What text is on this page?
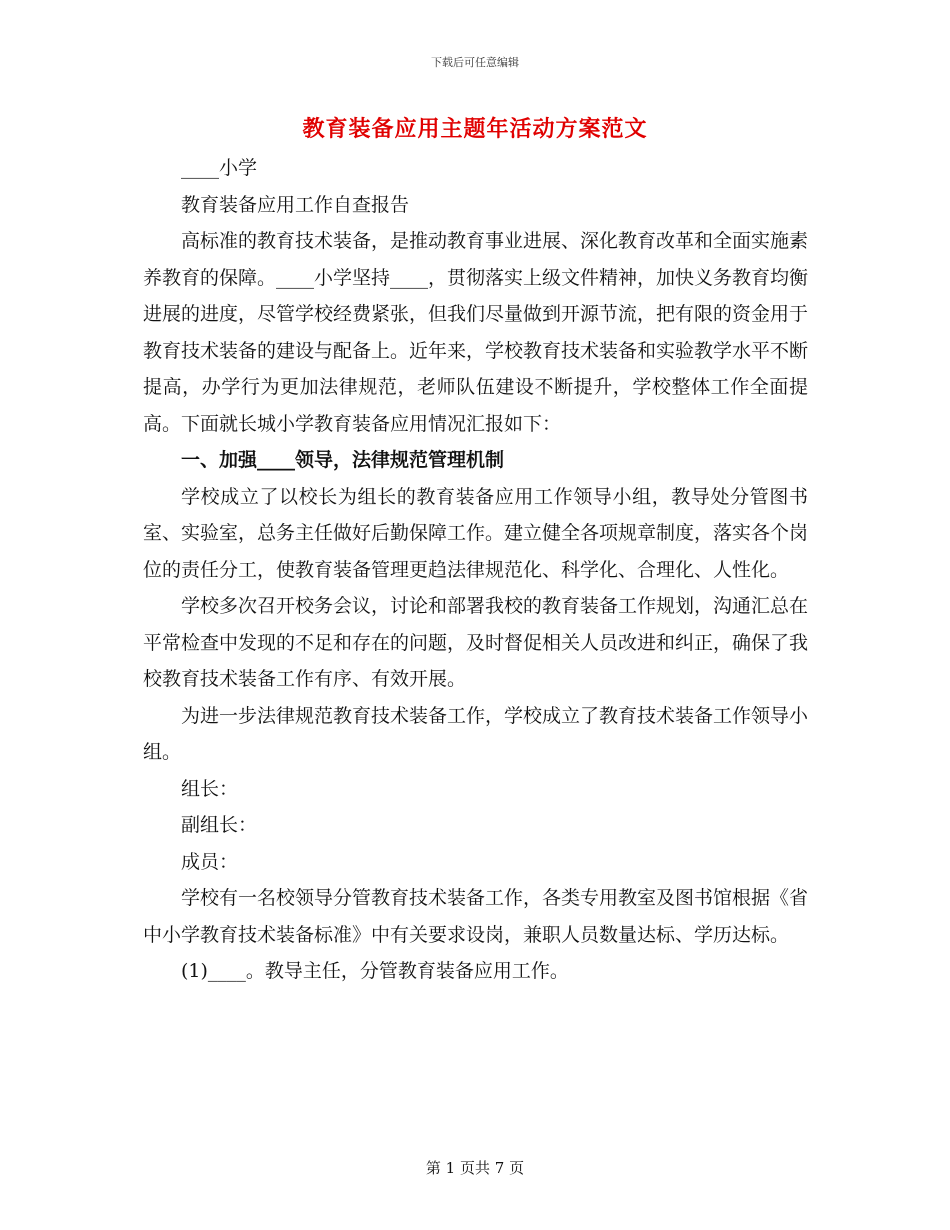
下载后可任意编辑
教育装备应用主题年活动方案范文

____小学

教育装备应用工作自查报告

高标准的教育技术装备，是推动教育事业进展、深化教育改革和全面实施素养教育的保障。____小学坚持____，贯彻落实上级文件精神，加快义务教育均衡进展的进度，尽管学校经费紧张，但我们尽量做到开源节流，把有限的资金用于教育技术装备的建设与配备上。近年来，学校教育技术装备和实验教学水平不断提高，办学行为更加法律规范，老师队伍建设不断提升，学校整体工作全面提高。下面就长城小学教育装备应用情况汇报如下：

一、加强____领导，法律规范管理机制

学校成立了以校长为组长的教育装备应用工作领导小组，教导处分管图书室、实验室，总务主任做好后勤保障工作。建立健全各项规章制度，落实各个岗位的责任分工，使教育装备管理更趋法律规范化、科学化、合理化、人性化。

学校多次召开校务会议，讨论和部署我校的教育装备工作规划，沟通汇总在平常检查中发现的不足和存在的问题，及时督促相关人员改进和纠正，确保了我校教育技术装备工作有序、有效开展。

为进一步法律规范教育技术装备工作，学校成立了教育技术装备工作领导小组。

组长：

副组长：

成员：

学校有一名校领导分管教育技术装备工作，各类专用教室及图书馆根据《省中小学教育技术装备标准》中有关要求设岗，兼职人员数量达标、学历达标。

(1)____。教导主任，分管教育装备应用工作。

第 1 页共 7 页
